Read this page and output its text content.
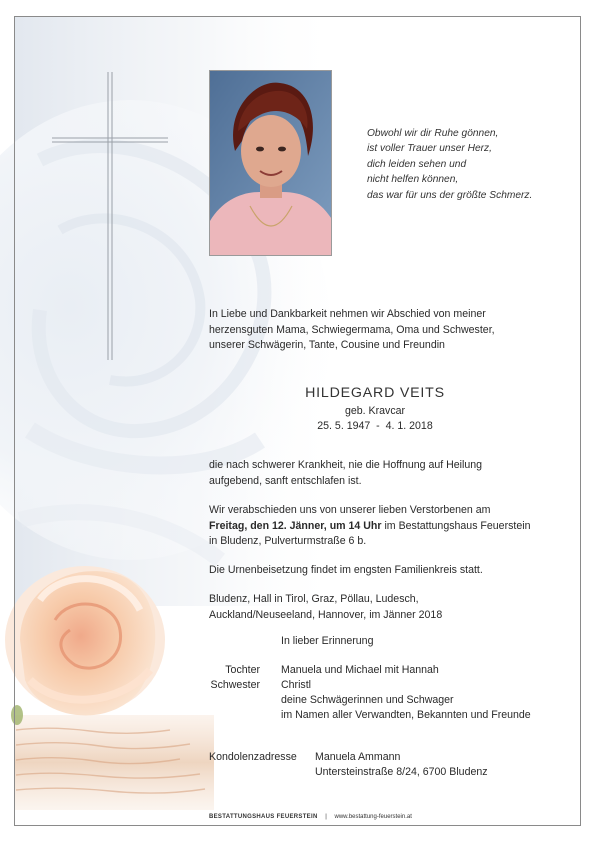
Obwohl wir dir Ruhe gönnen,
ist voller Trauer unser Herz,
dich leiden sehen und
nicht helfen können,
das war für uns der größte Schmerz.
In Liebe und Dankbarkeit nehmen wir Abschied von meiner
herzensguten Mama, Schwiegermama, Oma und Schwester,
unserer Schwägerin, Tante, Cousine und Freundin
HILDEGARD VEITS
geb. Kravcar
25. 5. 1947  -  4. 1. 2018
die nach schwerer Krankheit, nie die Hoffnung auf Heilung
aufgebend, sanft entschlafen ist.
Wir verabschieden uns von unserer lieben Verstorbenen am
Freitag, den 12. Jänner, um 14 Uhr im Bestattungshaus Feuerstein
in Bludenz, Pulverturmstraße 6 b.
Die Urnenbeisetzung findet im engsten Familienkreis statt.
Bludenz, Hall in Tirol, Graz, Pöllau, Ludesch,
Auckland/Neuseeland, Hannover, im Jänner 2018
In lieber Erinnerung
Tochter Manuela und Michael mit Hannah
Schwester Christl
deine Schwägerinnen und Schwager
im Namen aller Verwandten, Bekannten und Freunde
Kondolenzadresse Manuela Ammann
Untersteinstraße 8/24, 6700 Bludenz
BESTATTUNGSHAUS FEUERSTEIN | www.bestattung-feuerstein.at
